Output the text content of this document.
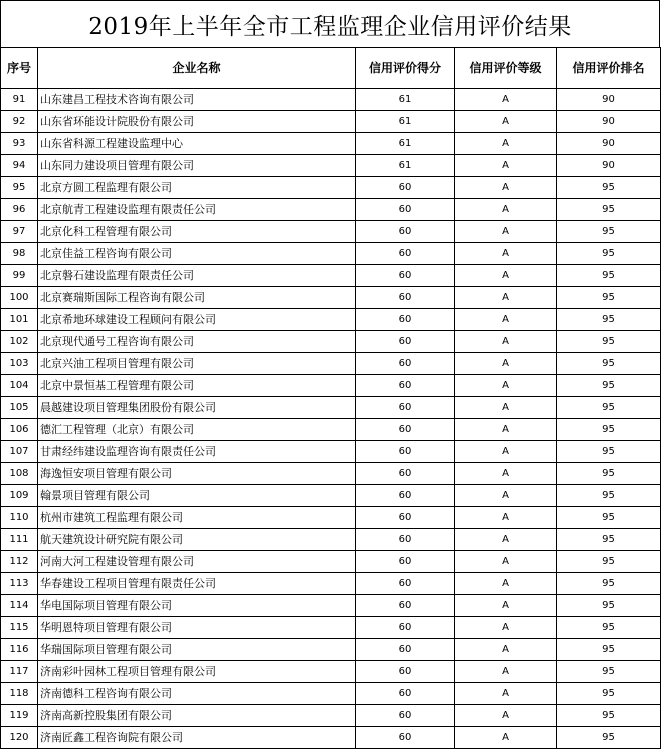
2019年上半年全市工程监理企业信用评价结果
序号	企业名称	信用评价得分	信用评价等级	信用评价排名
91	山东建昌工程技术咨询有限公司	61	A	90
92	山东省环能设计院股份有限公司	61	A	90
93	山东省科源工程建设监理中心	61	A	90
94	山东同力建设项目管理有限公司	61	A	90
95	北京方圆工程监理有限公司	60	A	95
96	北京航青工程建设监理有限责任公司	60	A	95
97	北京化科工程管理有限公司	60	A	95
98	北京佳益工程咨询有限公司	60	A	95
99	北京磐石建设监理有限责任公司	60	A	95
100	北京赛瑞斯国际工程咨询有限公司	60	A	95
101	北京希地环球建设工程顾问有限公司	60	A	95
102	北京现代通号工程咨询有限公司	60	A	95
103	北京兴油工程项目管理有限公司	60	A	95
104	北京中景恒基工程管理有限公司	60	A	95
105	晨越建设项目管理集团股份有限公司	60	A	95
106	德汇工程管理（北京）有限公司	60	A	95
107	甘肃经纬建设监理咨询有限责任公司	60	A	95
108	海逸恒安项目管理有限公司	60	A	95
109	翰景项目管理有限公司	60	A	95
110	杭州市建筑工程监理有限公司	60	A	95
111	航天建筑设计研究院有限公司	60	A	95
112	河南大河工程建设管理有限公司	60	A	95
113	华春建设工程项目管理有限责任公司	60	A	95
114	华电国际项目管理有限公司	60	A	95
115	华明恩特项目管理有限公司	60	A	95
116	华瑞国际项目管理有限公司	60	A	95
117	济南彩叶园林工程项目管理有限公司	60	A	95
118	济南德科工程咨询有限公司	60	A	95
119	济南高新控股集团有限公司	60	A	95
120	济南匠鑫工程咨询院有限公司	60	A	95
